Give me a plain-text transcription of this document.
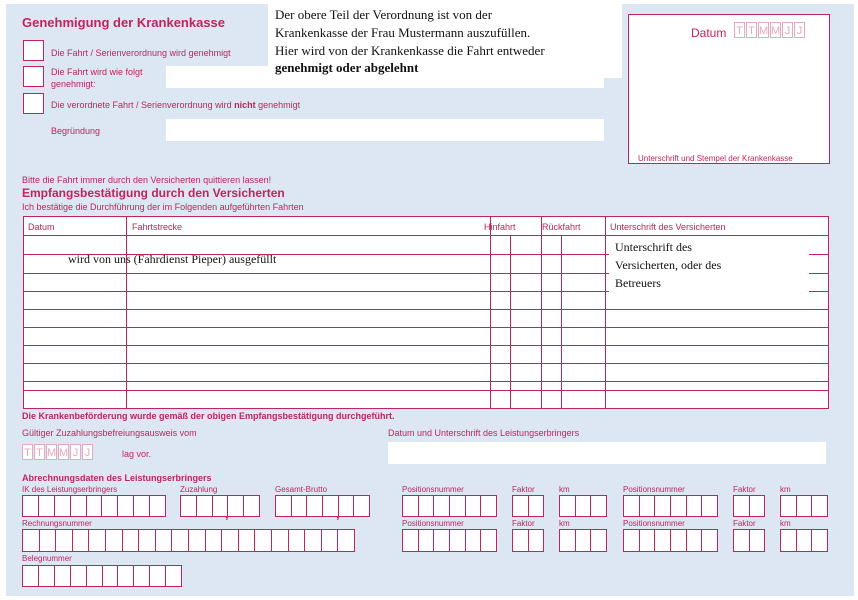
Genehmigung der Krankenkasse
Die Fahrt / Serienverordnung wird genehmigt
Die Fahrt wird wie folgt
genehmigt:
Die verordnete Fahrt / Serienverordnung wird nicht genehmigt
Begründung
Der obere Teil der Verordnung ist von der
Krankenkasse der Frau Mustermann auszufüllen.
Hier wird von der Krankenkasse die Fahrt entweder
genehmigt oder abgelehnt
Datum T T M M J J
Unterschrift und Stempel der Krankenkasse
Bitte die Fahrt immer durch den Versicherten quittieren lassen!
Empfangsbestätigung durch den Versicherten
Ich bestätige die Durchführung der im Folgenden aufgeführten Fahrten
Datum	Fahrtstrecke	Hinfahrt	Rückfahrt	Unterschrift des Versicherten
wird von uns (Fahrdienst Pieper) ausgefüllt
Unterschrift des
Versicherten, oder des
Betreuers
Die Krankenbeförderung wurde gemäß der obigen Empfangsbestätigung durchgeführt.
Gültiger Zuzahlungsbefreiungsausweis vom
T T M M J J	lag vor.
Datum und Unterschrift des Leistungserbringers
Abrechnungsdaten des Leistungserbringers
IK des Leistungserbringers	Zuzahlung
,
Gesamt-Brutto
,
Rechnungsnummer
Belegnummer
Positionsnummer	Faktor	km
Positionsnummer	Faktor	km
Positionsnummer	Faktor	km
Positionsnummer	Faktor	km
